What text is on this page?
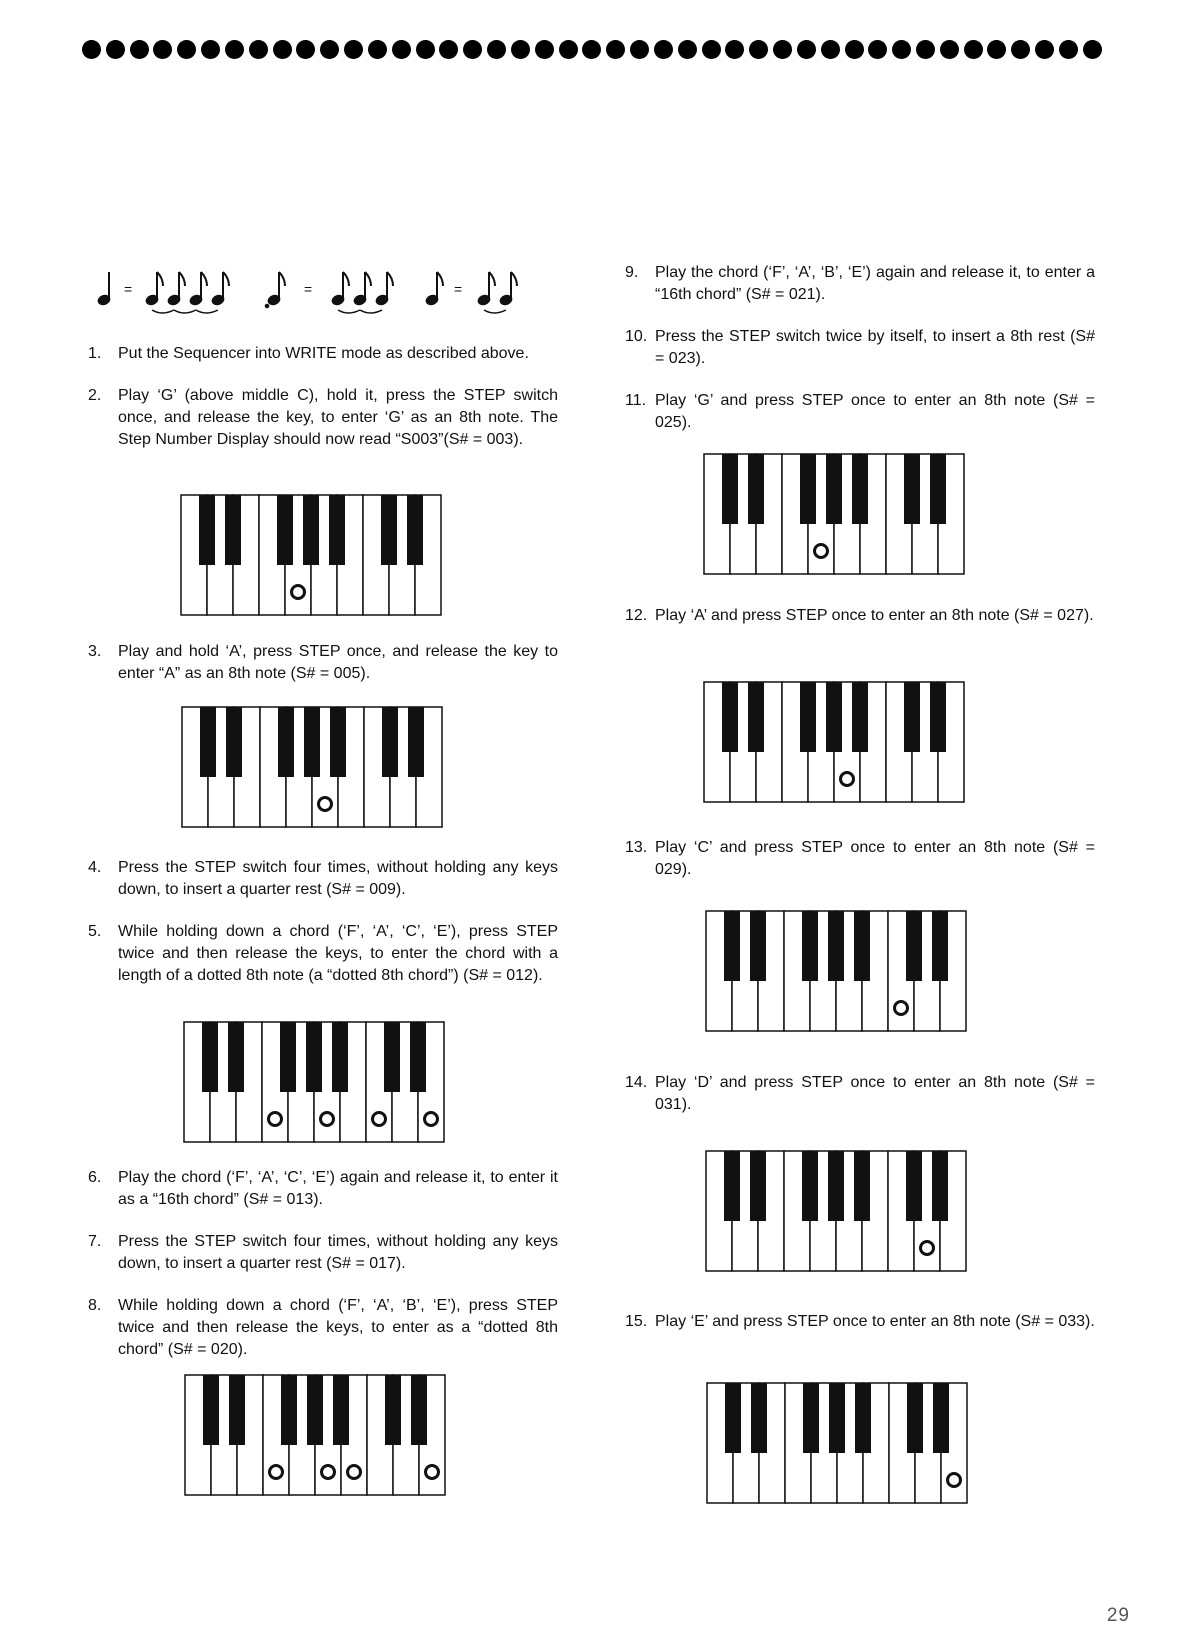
=	=	=
1.	Put the Sequencer into WRITE mode as described above.
2.	Play ‘G’ (above middle C), hold it, press the STEP switch once, and release the key, to enter ‘G’ as an 8th note. The Step Number Display should now read “S003”(S# = 003).
3.	Play and hold ‘A’, press STEP once, and release the key to enter “A” as an 8th note (S# = 005).
4.	Press the STEP switch four times, without holding any keys down, to insert a quarter rest (S# = 009).
5.	While holding down a chord (‘F’, ‘A’, ‘C’, ‘E’), press STEP twice and then release the keys, to enter the chord with a length of a dotted 8th note (a “dotted 8th chord”) (S# = 012).
6.	Play the chord (‘F’, ‘A’, ‘C’, ‘E’) again and release it, to enter it as a “16th chord” (S# = 013).
7.	Press the STEP switch four times, without holding any keys down, to insert a quarter rest (S# = 017).
8.	While holding down a chord (‘F’, ‘A’, ‘B’, ‘E’), press STEP twice and then release the keys, to enter as a “dotted 8th chord” (S# = 020).
9.	Play the chord (‘F’, ‘A’, ‘B’, ‘E’) again and release it, to enter a “16th chord” (S# = 021).
10. Press the STEP switch twice by itself, to insert a 8th rest (S# = 023).
11. Play ‘G’ and press STEP once to enter an 8th note (S# = 025).
12. Play ‘A’ and press STEP once to enter an 8th note (S# = 027).
13. Play ‘C’ and press STEP once to enter an 8th note (S# = 029).
14. Play ‘D’ and press STEP once to enter an 8th note (S# = 031).
15. Play ‘E’ and press STEP once to enter an 8th note (S# = 033).
29
